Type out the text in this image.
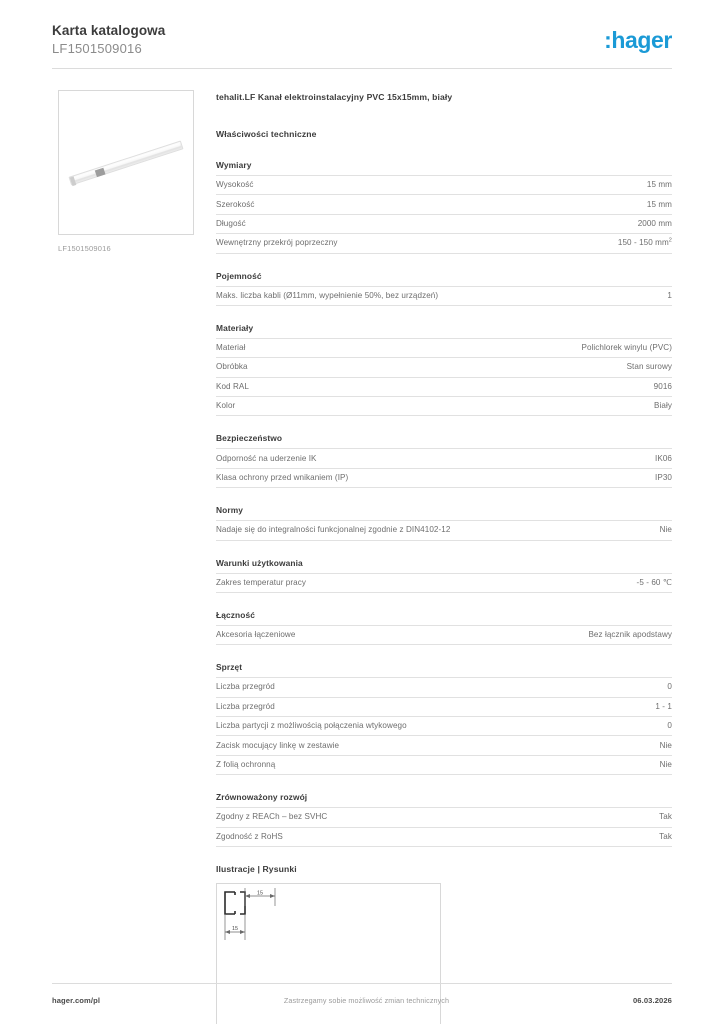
Karta katalogowa
LF1501509016	:hager
LF1501509016
tehalit.LF Kanał elektroinstalacyjny PVC 15x15mm, biały
Właściwości techniczne
Wymiary
Wysokość	15 mm
Szerokość	15 mm
Długość	2000 mm
Wewnętrzny przekrój poprzeczny	150 - 150 $mm^2$
Pojemność
Maks. liczba kabli (Ø11mm, wypełnienie 50%, bez urządzeń)	1
Materiały
Materiał	Polichlorek winylu (PVC)
Obróbka	Stan surowy
Kod RAL	9016
Kolor	Biały
Bezpieczeństwo
Odporność na uderzenie IK	IK06
Klasa ochrony przed wnikaniem (IP)	IP30
Normy
Nadaje się do integralności funkcjonalnej zgodnie z DIN4102-12	Nie
Warunki użytkowania
Zakres temperatur pracy	-5 - 60 ℃
Łączność
Akcesoria łączeniowe	Bez łącznik apodstawy
Sprzęt
Liczba przegród	0
Liczba przegród	1 - 1
Liczba partycji z możliwością połączenia wtykowego	0
Zacisk mocujący linkę w zestawie	Nie
Z folią ochronną	Nie
Zrównoważony rozwój
Zgodny z REACh – bez SVHC	Tak
Zgodność z RoHS	Tak
Ilustracje | Rysunki
15
15
hager.com/pl	Zastrzegamy sobie możliwość zmian technicznych	06.03.2026
